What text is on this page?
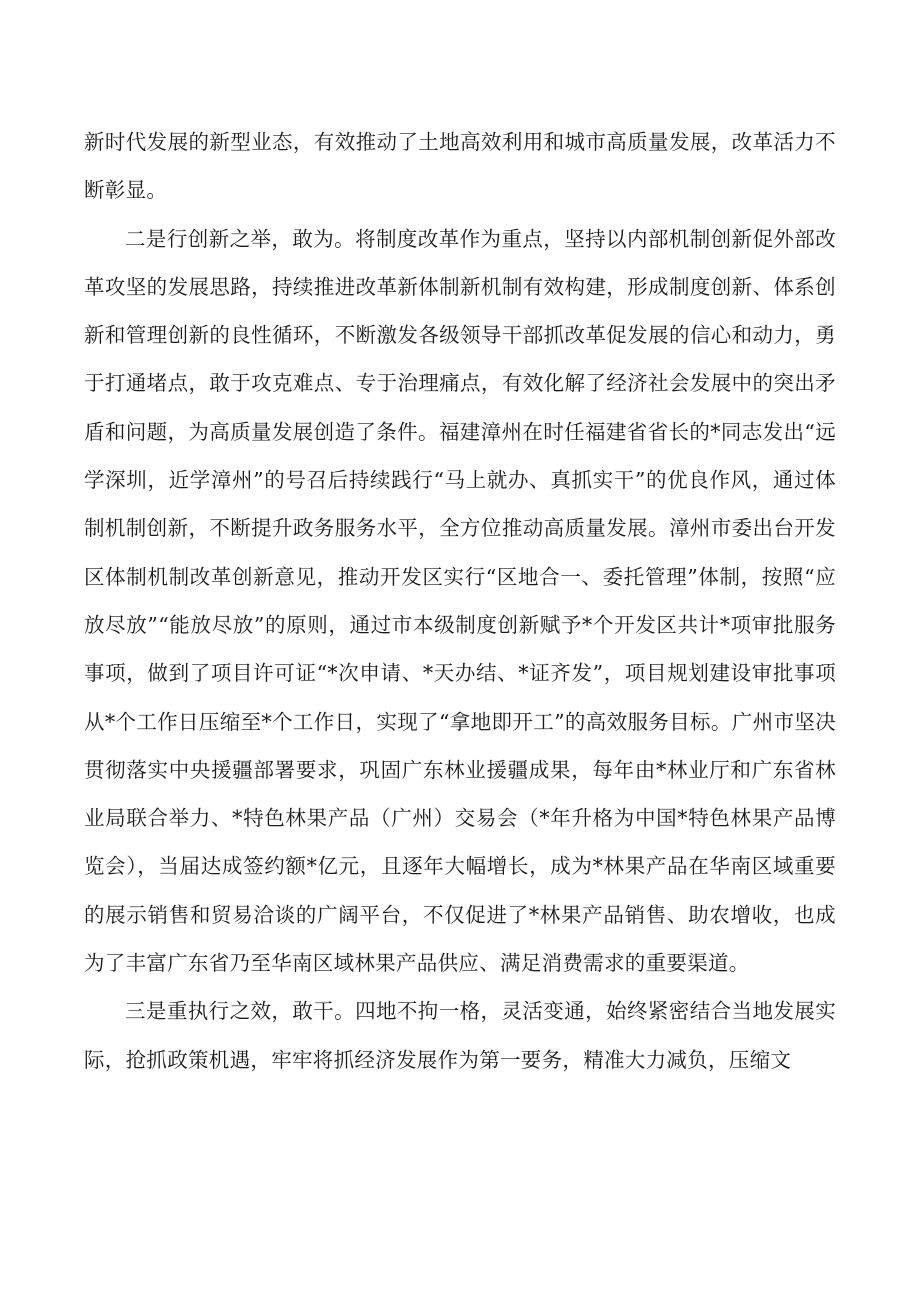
新时代发展的新型业态，有效推动了土地高效利用和城市高质量发展，改革活力不断彰显。

二是行创新之举，敢为。将制度改革作为重点，坚持以内部机制创新促外部改革攻坚的发展思路，持续推进改革新体制新机制有效构建，形成制度创新、体系创新和管理创新的良性循环，不断激发各级领导干部抓改革促发展的信心和动力，勇于打通堵点，敢于攻克难点、专于治理痛点，有效化解了经济社会发展中的突出矛盾和问题，为高质量发展创造了条件。福建漳州在时任福建省省长的*同志发出“远学深圳，近学漳州”的号召后持续践行“马上就办、真抓实干”的优良作风，通过体制机制创新，不断提升政务服务水平，全方位推动高质量发展。漳州市委出台开发区体制机制改革创新意见，推动开发区实行“区地合一、委托管理”体制，按照“应放尽放”“能放尽放”的原则，通过市本级制度创新赋予*个开发区共计*项审批服务事项，做到了项目许可证“*次申请、*天办结、*证齐发”，项目规划建设审批事项从*个工作日压缩至*个工作日，实现了“拿地即开工”的高效服务目标。广州市坚决贯彻落实中央援疆部署要求，巩固广东林业援疆成果，每年由*林业厅和广东省林业局联合举力、*特色林果产品（广州）交易会（*年升格为中国*特色林果产品博览会），当届达成签约额*亿元，且逐年大幅增长，成为*林果产品在华南区域重要的展示销售和贸易洽谈的广阔平台，不仅促进了*林果产品销售、助农增收，也成为了丰富广东省乃至华南区域林果产品供应、满足消费需求的重要渠道。

三是重执行之效，敢干。四地不拘一格，灵活变通，始终紧密结合当地发展实际，抢抓政策机遇，牢牢将抓经济发展作为第一要务，精准大力减负，压缩文
